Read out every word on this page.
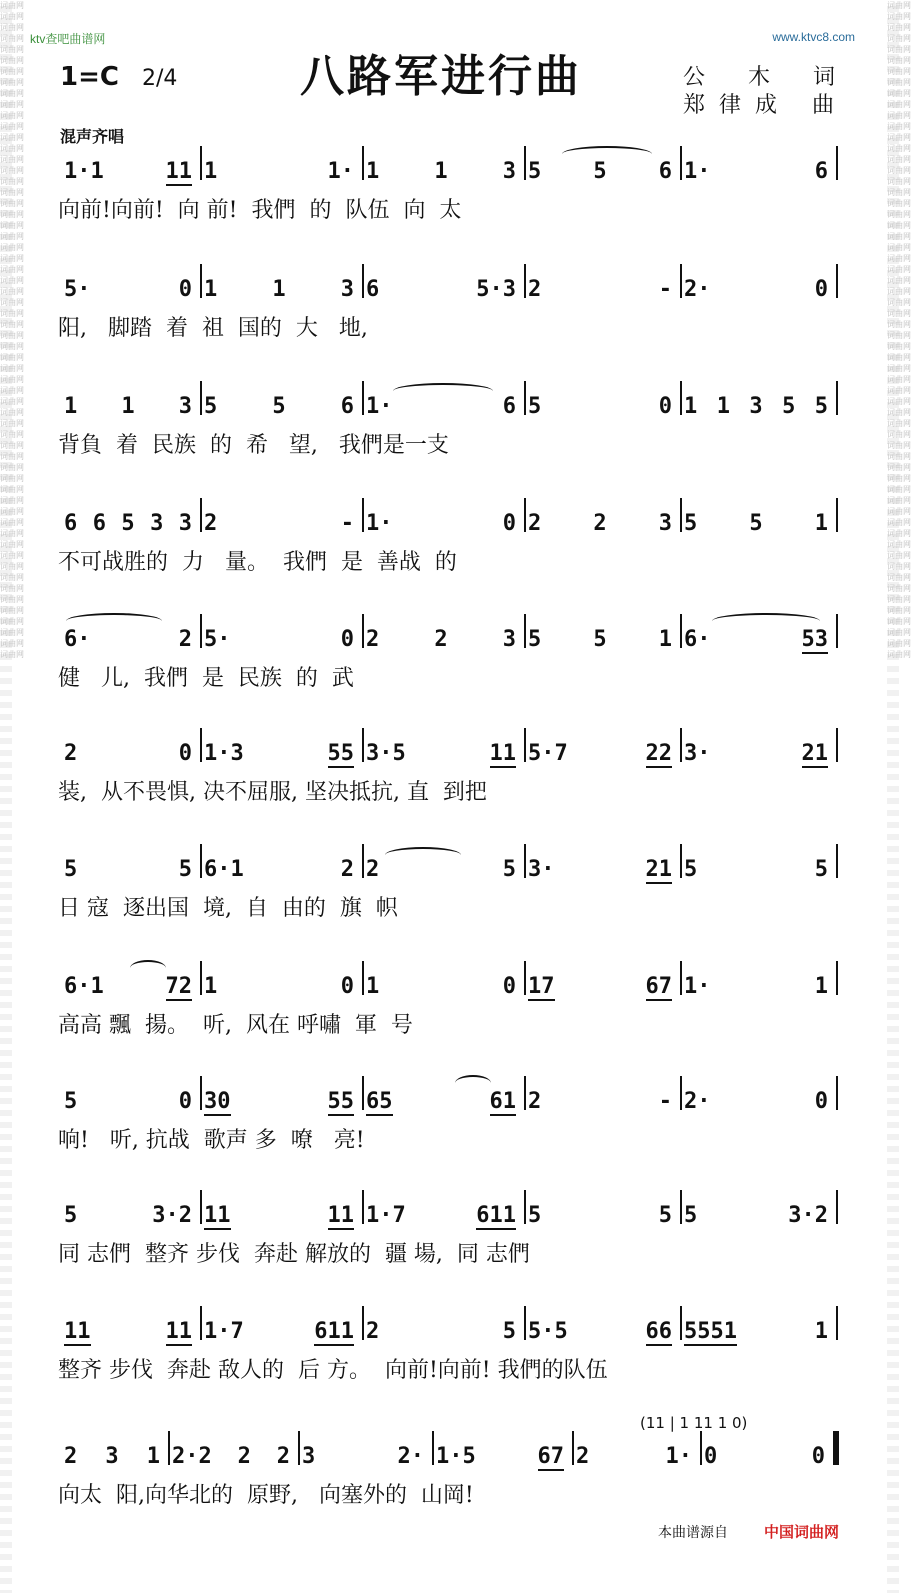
词曲网
词曲网
词曲网
词曲网
词曲网
词曲网
词曲网
词曲网
词曲网
词曲网
词曲网
词曲网
词曲网
词曲网
词曲网
词曲网
词曲网
词曲网
词曲网
词曲网
词曲网
词曲网
词曲网
词曲网
词曲网
词曲网
词曲网
词曲网
词曲网
词曲网
词曲网
词曲网
词曲网
词曲网
词曲网
词曲网
词曲网
词曲网
词曲网
词曲网
词曲网
词曲网
词曲网
词曲网
词曲网
词曲网
词曲网
词曲网
词曲网
词曲网
词曲网
词曲网
词曲网
词曲网
词曲网
词曲网
词曲网
词曲网
词曲网
词曲网

词曲网
词曲网
词曲网
词曲网
词曲网
词曲网
词曲网
词曲网
词曲网
词曲网
词曲网
词曲网
词曲网
词曲网
词曲网
词曲网
词曲网
词曲网
词曲网
词曲网
词曲网
词曲网
词曲网
词曲网
词曲网
词曲网
词曲网
词曲网
词曲网
词曲网
词曲网
词曲网
词曲网
词曲网
词曲网
词曲网
词曲网
词曲网
词曲网
词曲网
词曲网
词曲网
词曲网
词曲网
词曲网
词曲网
词曲网
词曲网
词曲网
词曲网
词曲网
词曲网
词曲网
词曲网
词曲网
词曲网
词曲网
词曲网
词曲网
词曲网

ktv查吧曲谱网	www.ktvc8.com
1=C 2/4	八路军进行曲	公 木 词
郑律成 曲
混声齐唱
1·1	11 1	1· 1	1	3 5 5 6 1·	6
向前!向前!  向 前!  我們  的  队伍  向  太
5·	0 1	1	3 6	5·3 2	- 2·	0
阳,   脚踏  着  祖  国的  大   地,
1 1 3 5	5	6 1·	6 5	0 1 1 3 5 5
背負  着  民族  的  希   望,   我們是一支
6 6 5 3 3 2	- 1·	0 2 2 3 5 5 1
不可战胜的  力   量。  我們  是  善战  的
6·	2 5·	0 2	2	3 5 5 1 6·	53
健   儿,  我們  是  民族  的  武
2	0 1·3	55 3·5	11 5·7	22 3·	21
装,  从不畏惧, 决不屈服, 坚决抵抗, 直  到把
5	5 6·1	2 2	5 3·	21 5	5
日 寇  逐出国  境,  自  由的  旗  帜
6·1	72 1	0 1	0 17	67 1·	1
高高 飄  揚。  听,  风在 呼嘯  軍  号
5	0 30	55 65	61 2	- 2·	0
响!   听, 抗战  歌声 多  嘹   亮!
5	3·2 11	11 1·7	611 5	5 5	3·2
同 志們  整齐 步伐  奔赴 解放的  疆 場,  同 志們
11	11 1·7	611 2	5 5·5	66 5551	1
整齐 步伐  奔赴 敌人的  后 方。  向前!向前! 我們的队伍
2 3 1 2·2 2 2 3	2· 1·5	67 2	1· 0	0
向太  阳,向华北的  原野,   向塞外的  山岡!
(11 | 1 11 1 0)
本曲谱源自 中国词曲网
